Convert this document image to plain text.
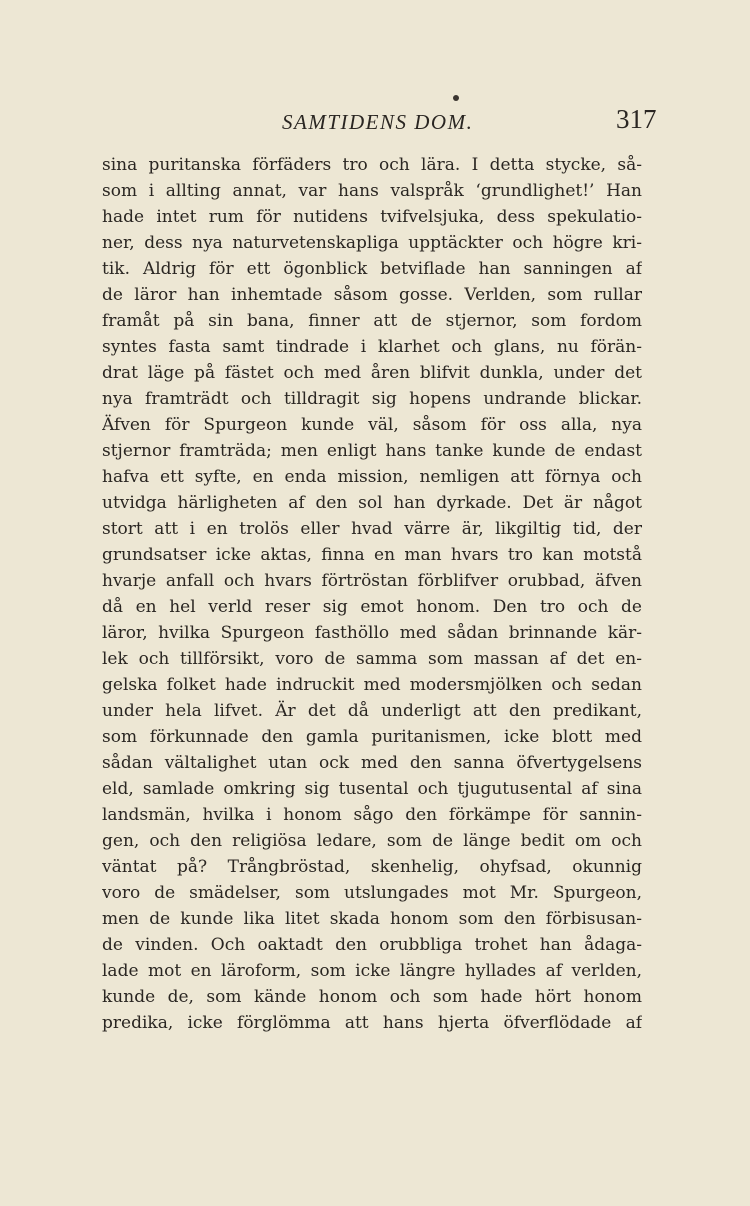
SAMTIDENS DOM.	317
sina puritanska förfäders tro och lära. I detta stycke, så-
som i allting annat, var hans valspråk ‘grundlighet!’ Han
hade intet rum för nutidens tvifvelsjuka, dess spekulatio-
ner, dess nya naturvetenskapliga upptäckter och högre kri-
tik. Aldrig för ett ögonblick betviflade han sanningen af
de läror han inhemtade såsom gosse. Verlden, som rullar
framåt på sin bana, finner att de stjernor, som fordom
syntes fasta samt tindrade i klarhet och glans, nu förän-
drat läge på fästet och med åren blifvit dunkla, under det
nya framträdt och tilldragit sig hopens undrande blickar.
Äfven för Spurgeon kunde väl, såsom för oss alla, nya
stjernor framträda; men enligt hans tanke kunde de endast
hafva ett syfte, en enda mission, nemligen att förnya och
utvidga härligheten af den sol han dyrkade. Det är något
stort att i en trolös eller hvad värre är, likgiltig tid, der
grundsatser icke aktas, finna en man hvars tro kan motstå
hvarje anfall och hvars förtröstan förblifver orubbad, äfven
då en hel verld reser sig emot honom. Den tro och de
läror, hvilka Spurgeon fasthöllo med sådan brinnande kär-
lek och tillförsikt, voro de samma som massan af det en-
gelska folket hade indruckit med modersmjölken och sedan
under hela lifvet. Är det då underligt att den predikant,
som förkunnade den gamla puritanismen, icke blott med
sådan vältalighet utan ock med den sanna öfvertygelsens
eld, samlade omkring sig tusental och tjugutusental af sina
landsmän, hvilka i honom sågo den förkämpe för sannin-
gen, och den religiösa ledare, som de länge bedit om och
väntat på? Trångbröstad, skenhelig, ohyfsad, okunnig
voro de smädelser, som utslungades mot Mr. Spurgeon,
men de kunde lika litet skada honom som den förbisusan-
de vinden. Och oaktadt den orubbliga trohet han ådaga-
lade mot en läroform, som icke längre hyllades af verlden,
kunde de, som kände honom och som hade hört honom
predika, icke förglömma att hans hjerta öfverflödade af
